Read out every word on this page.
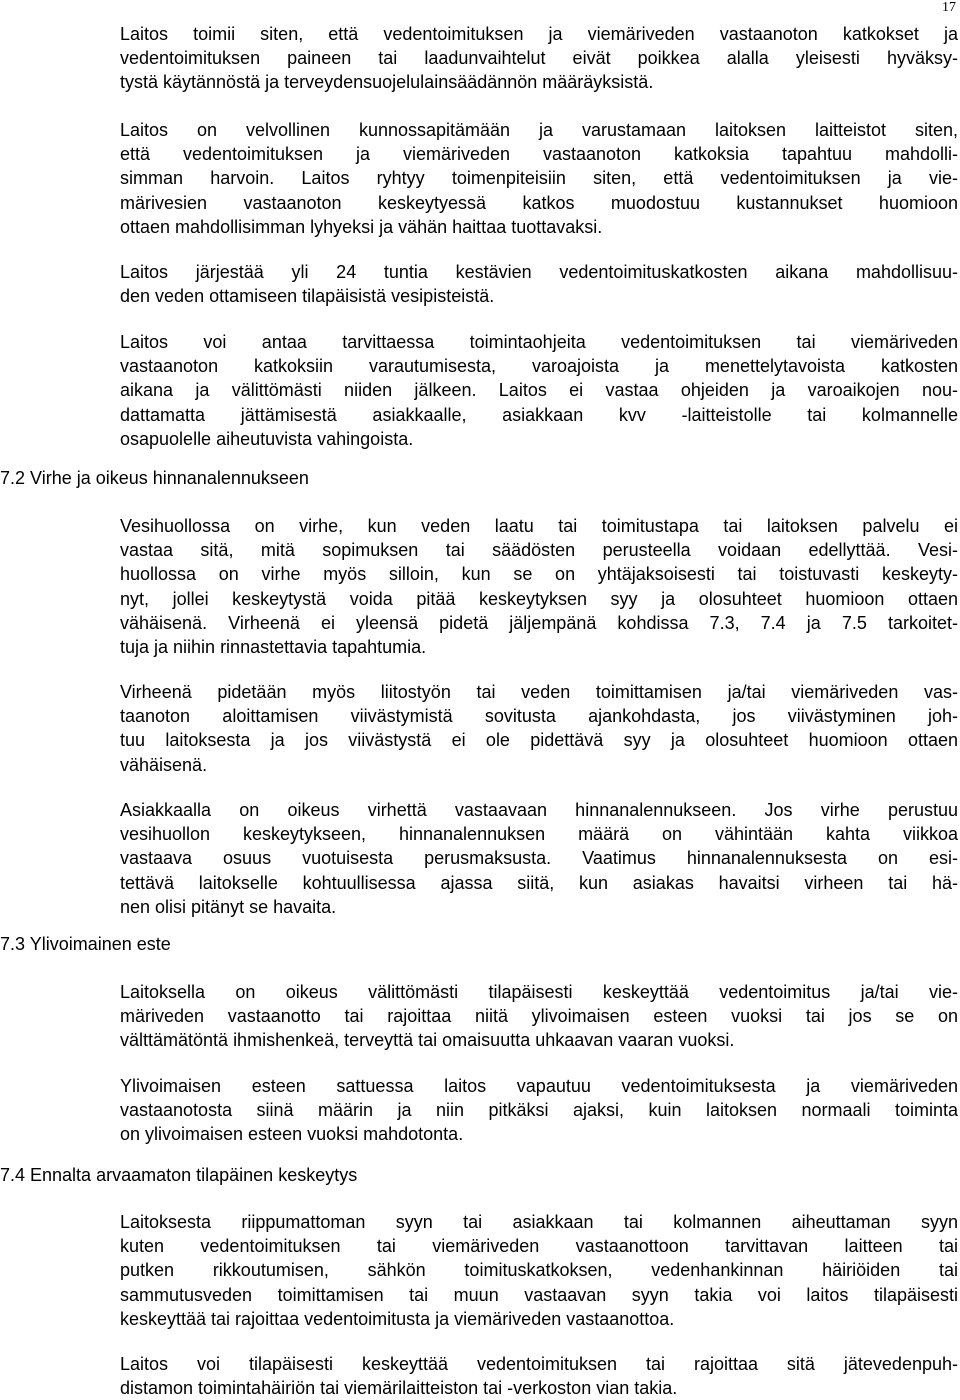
17

Laitos toimii siten, että vedentoimituksen ja viemäriveden vastaanoton katkokset ja
vedentoimituksen paineen tai laadunvaihtelut eivät poikkea alalla yleisesti hyväksy-
tystä käytännöstä ja terveydensuojelulainsäädännön määräyksistä.

Laitos on velvollinen kunnossapitämään ja varustamaan laitoksen laitteistot siten,
että vedentoimituksen ja viemäriveden vastaanoton katkoksia tapahtuu mahdolli-
simman harvoin. Laitos ryhtyy toimenpiteisiin siten, että vedentoimituksen ja vie-
märivesien vastaanoton keskeytyessä katkos muodostuu kustannukset huomioon
ottaen mahdollisimman lyhyeksi ja vähän haittaa tuottavaksi.

Laitos järjestää yli 24 tuntia kestävien vedentoimituskatkosten aikana mahdollisuu-
den veden ottamiseen tilapäisistä vesipisteistä.

Laitos voi antaa tarvittaessa toimintaohjeita vedentoimituksen tai viemäriveden
vastaanoton katkoksiin varautumisesta, varoajoista ja menettelytavoista katkosten
aikana ja välittömästi niiden jälkeen. Laitos ei vastaa ohjeiden ja varoaikojen nou-
dattamatta jättämisestä asiakkaalle, asiakkaan kvv -laitteistolle tai kolmannelle
osapuolelle aiheutuvista vahingoista.

7.2 Virhe ja oikeus hinnanalennukseen

Vesihuollossa on virhe, kun veden laatu tai toimitustapa tai laitoksen palvelu ei
vastaa sitä, mitä sopimuksen tai säädösten perusteella voidaan edellyttää. Vesi-
huollossa on virhe myös silloin, kun se on yhtäjaksoisesti tai toistuvasti keskeyty-
nyt, jollei keskeytystä voida pitää keskeytyksen syy ja olosuhteet huomioon ottaen
vähäisenä. Virheenä ei yleensä pidetä jäljempänä kohdissa 7.3, 7.4 ja 7.5 tarkoitet-
tuja ja niihin rinnastettavia tapahtumia.

Virheenä pidetään myös liitostyön tai veden toimittamisen ja/tai viemäriveden vas-
taanoton aloittamisen viivästymistä sovitusta ajankohdasta, jos viivästyminen joh-
tuu laitoksesta ja jos viivästystä ei ole pidettävä syy ja olosuhteet huomioon ottaen
vähäisenä.

Asiakkaalla on oikeus virhettä vastaavaan hinnanalennukseen. Jos virhe perustuu
vesihuollon keskeytykseen, hinnanalennuksen määrä on vähintään kahta viikkoa
vastaava osuus vuotuisesta perusmaksusta. Vaatimus hinnanalennuksesta on esi-
tettävä laitokselle kohtuullisessa ajassa siitä, kun asiakas havaitsi virheen tai hä-
nen olisi pitänyt se havaita.

7.3 Ylivoimainen este

Laitoksella on oikeus välittömästi tilapäisesti keskeyttää vedentoimitus ja/tai vie-
märiveden vastaanotto tai rajoittaa niitä ylivoimaisen esteen vuoksi tai jos se on
välttämätöntä ihmishenkeä, terveyttä tai omaisuutta uhkaavan vaaran vuoksi.

Ylivoimaisen esteen sattuessa laitos vapautuu vedentoimituksesta ja viemäriveden
vastaanotosta siinä määrin ja niin pitkäksi ajaksi, kuin laitoksen normaali toiminta
on ylivoimaisen esteen vuoksi mahdotonta.

7.4 Ennalta arvaamaton tilapäinen keskeytys

Laitoksesta riippumattoman syyn tai asiakkaan tai kolmannen aiheuttaman syyn
kuten vedentoimituksen tai viemäriveden vastaanottoon tarvittavan laitteen tai
putken rikkoutumisen, sähkön toimituskatkoksen, vedenhankinnan häiriöiden tai
sammutusveden toimittamisen tai muun vastaavan syyn takia voi laitos tilapäisesti
keskeyttää tai rajoittaa vedentoimitusta ja viemäriveden vastaanottoa.

Laitos voi tilapäisesti keskeyttää vedentoimituksen tai rajoittaa sitä jätevedenpuh-
distamon toimintahäiriön tai viemärilaitteiston tai -verkoston vian takia.
